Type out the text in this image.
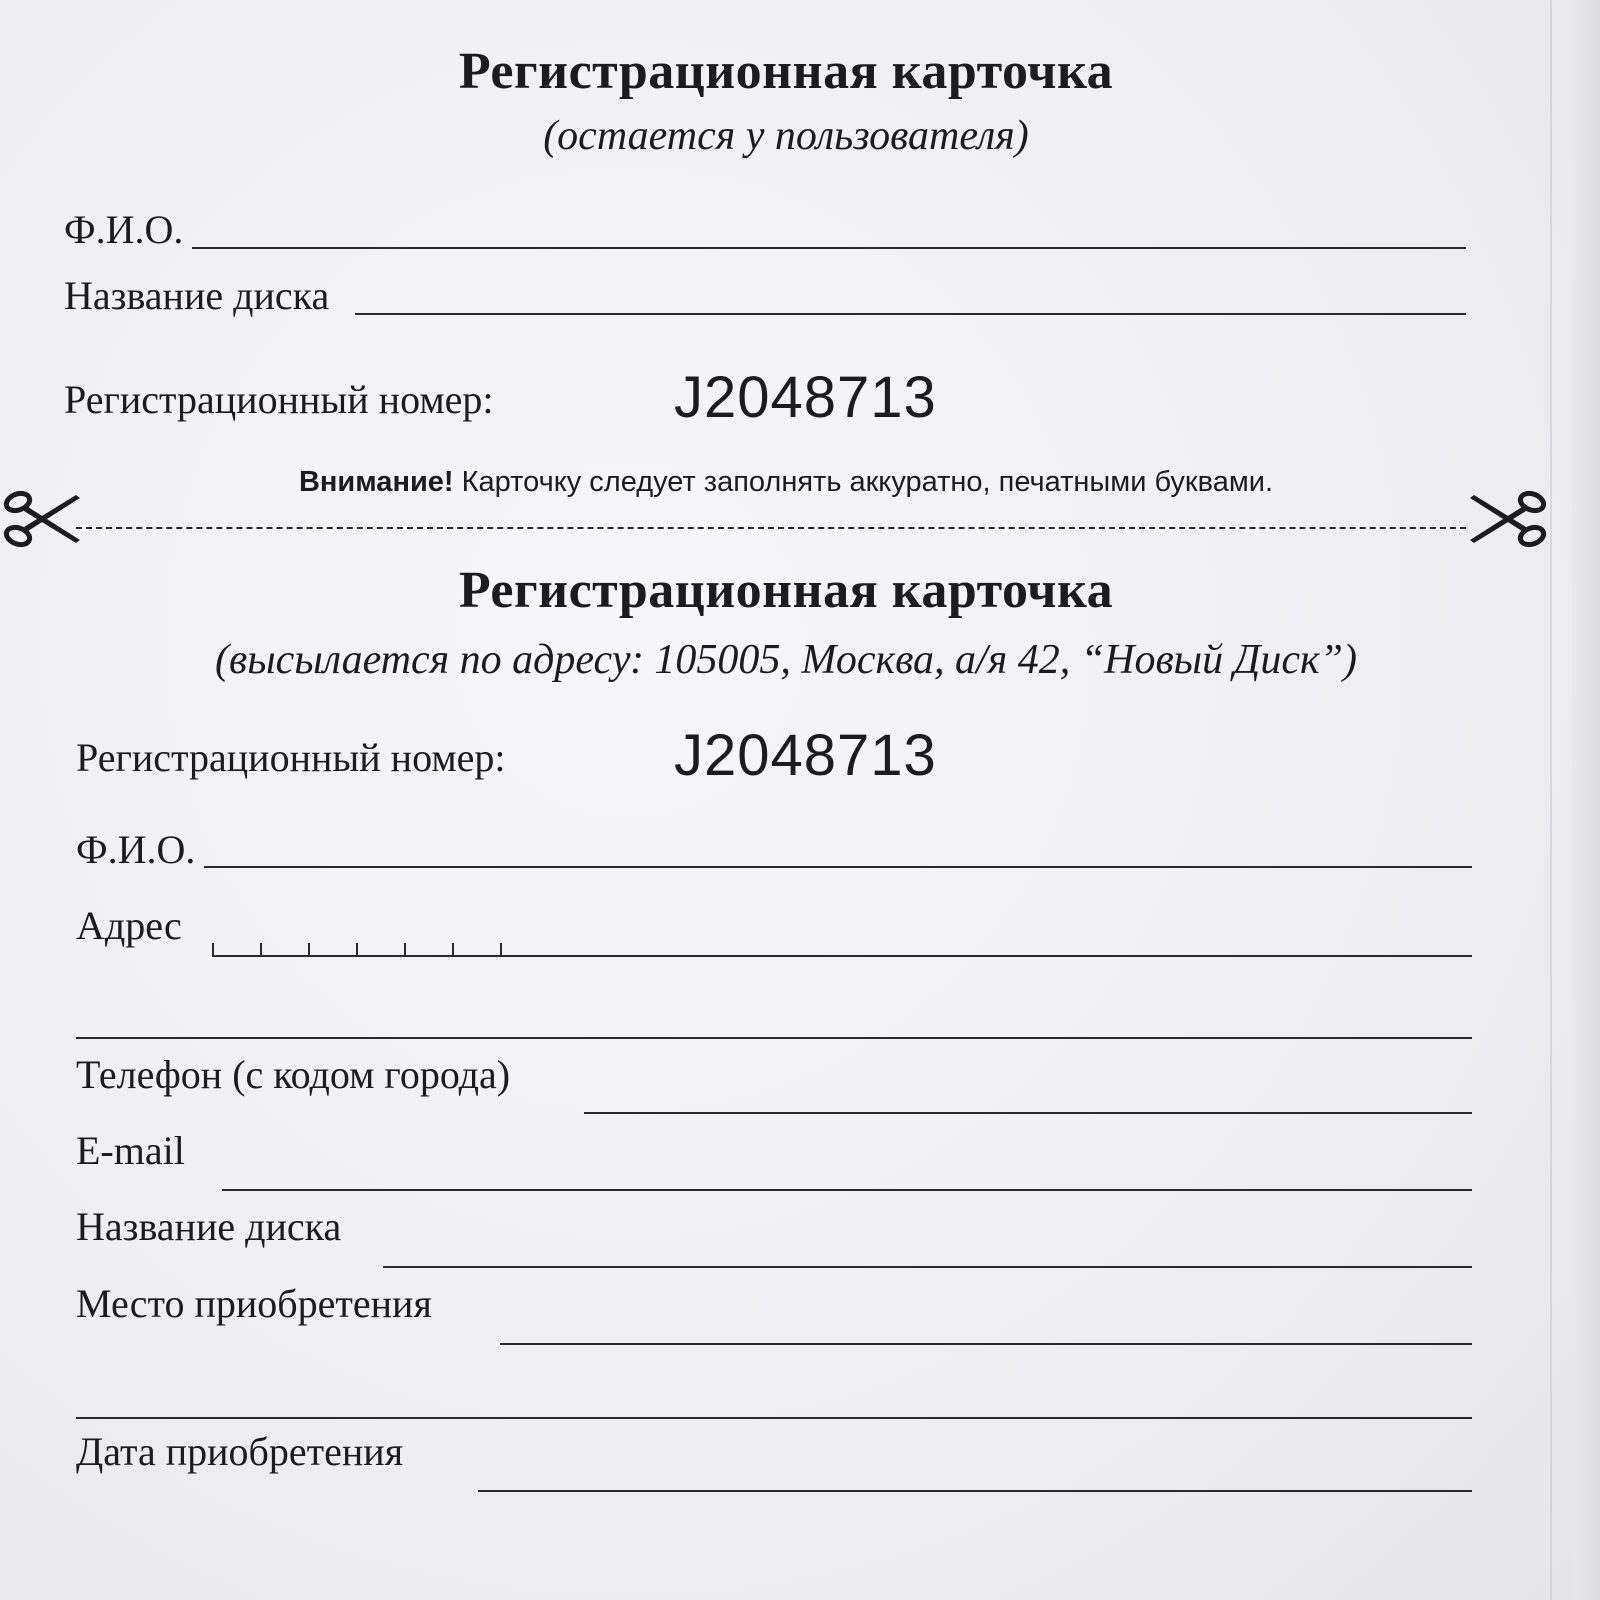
Регистрационная карточка
(остается у пользователя)
Ф.И.О.
Название диска
Регистрационный номер:	J2048713
Внимание! Карточку следует заполнять аккуратно, печатными буквами.
Регистрационная карточка
(высылается по адресу: 105005, Москва, а/я 42, “Новый Диск”)
Регистрационный номер:	J2048713
Ф.И.О.
Адрес
Телефон (с кодом города)
E-mail
Название диска
Место приобретения
Дата приобретения
